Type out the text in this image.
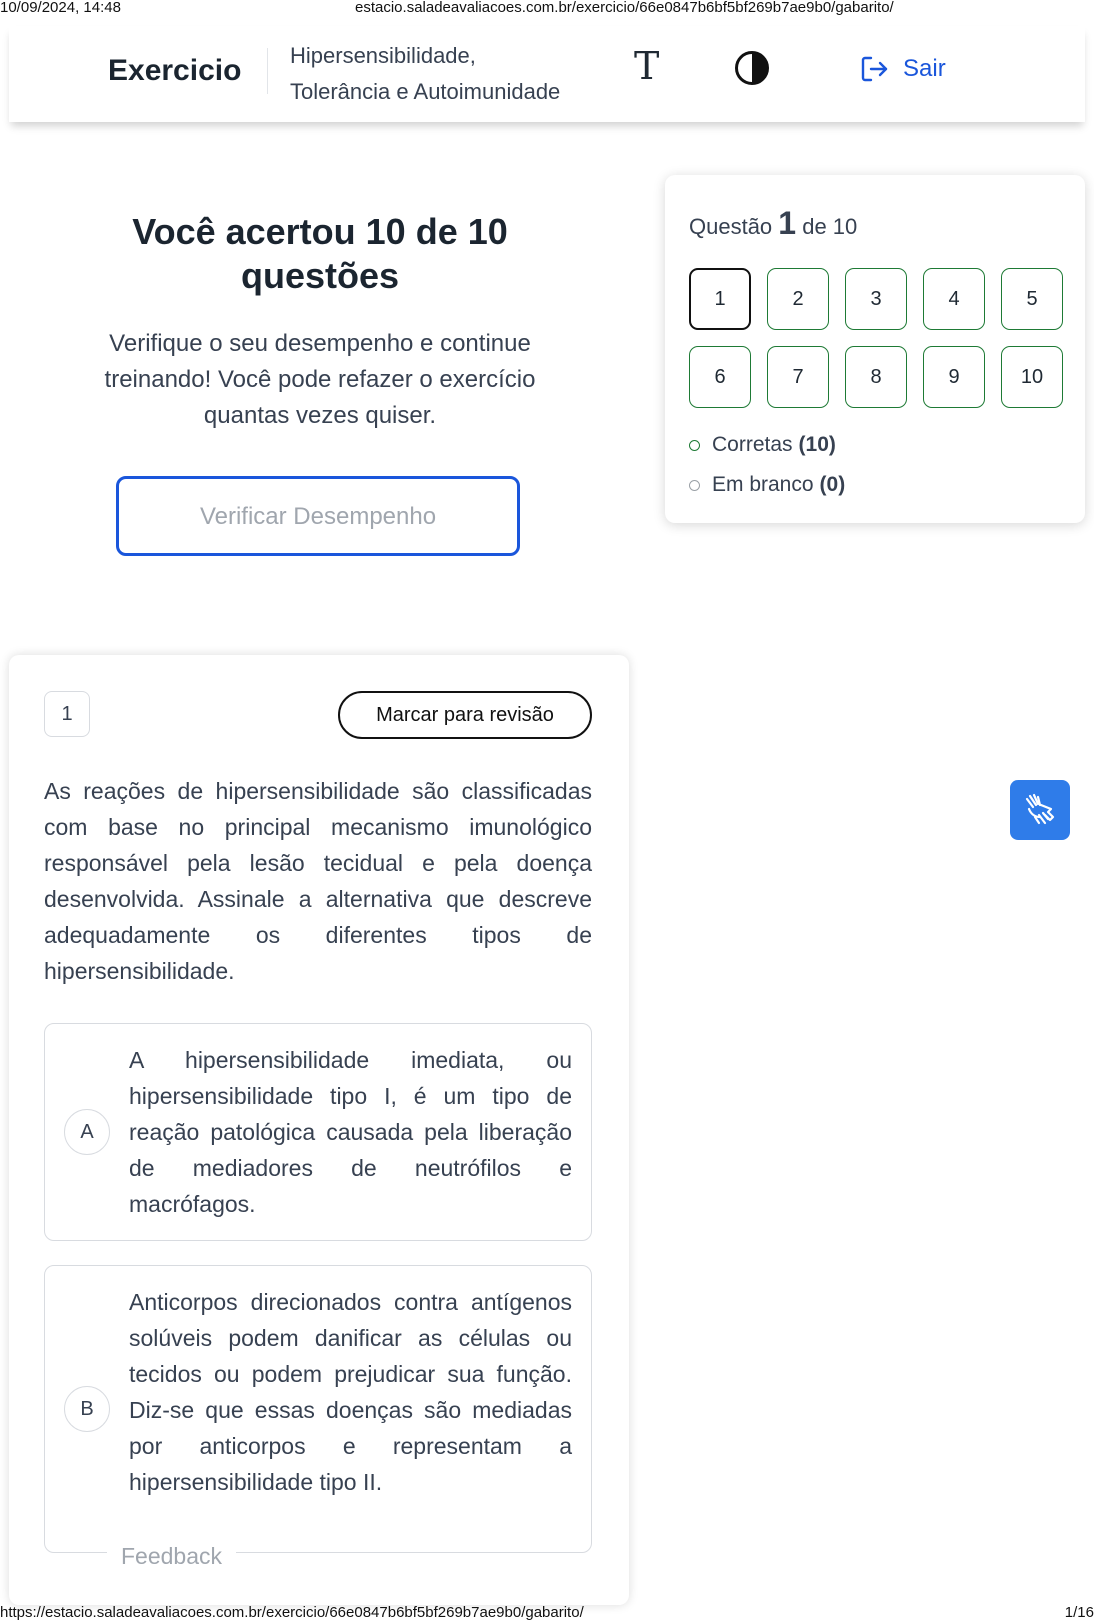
10/09/2024, 14:48	estacio.saladeavaliacoes.com.br/exercicio/66e0847b6bf5bf269b7ae9b0/gabarito/
Exercicio Hipersensibilidade,
Tolerância e Autoimunidade
T	Sair
Você acertou 10 de 10
questões

Verifique o seu desempenho e continue
treinando! Você pode refazer o exercício
quantas vezes quiser.

Verificar Desempenho
Questão 1 de 10
1	2	3	4	5
6	7	8	9	10
Corretas (10)
Em branco (0)
1	Marcar para revisão
As reações de hipersensibilidade são classificadas com base no principal mecanismo imunológico responsável pela lesão tecidual e pela doença desenvolvida. Assinale a alternativa que descreve adequadamente os diferentes tipos de hipersensibilidade.
A
A hipersensibilidade imediata, ou hipersensibilidade tipo I, é um tipo de reação patológica causada pela liberação de mediadores de neutrófilos e macrófagos.
B
Anticorpos direcionados contra antígenos solúveis podem danificar as células ou tecidos ou podem prejudicar sua função. Diz-se que essas doenças são mediadas por anticorpos e representam a hipersensibilidade tipo II.
Feedback
https://estacio.saladeavaliacoes.com.br/exercicio/66e0847b6bf5bf269b7ae9b0/gabarito/	1/16
